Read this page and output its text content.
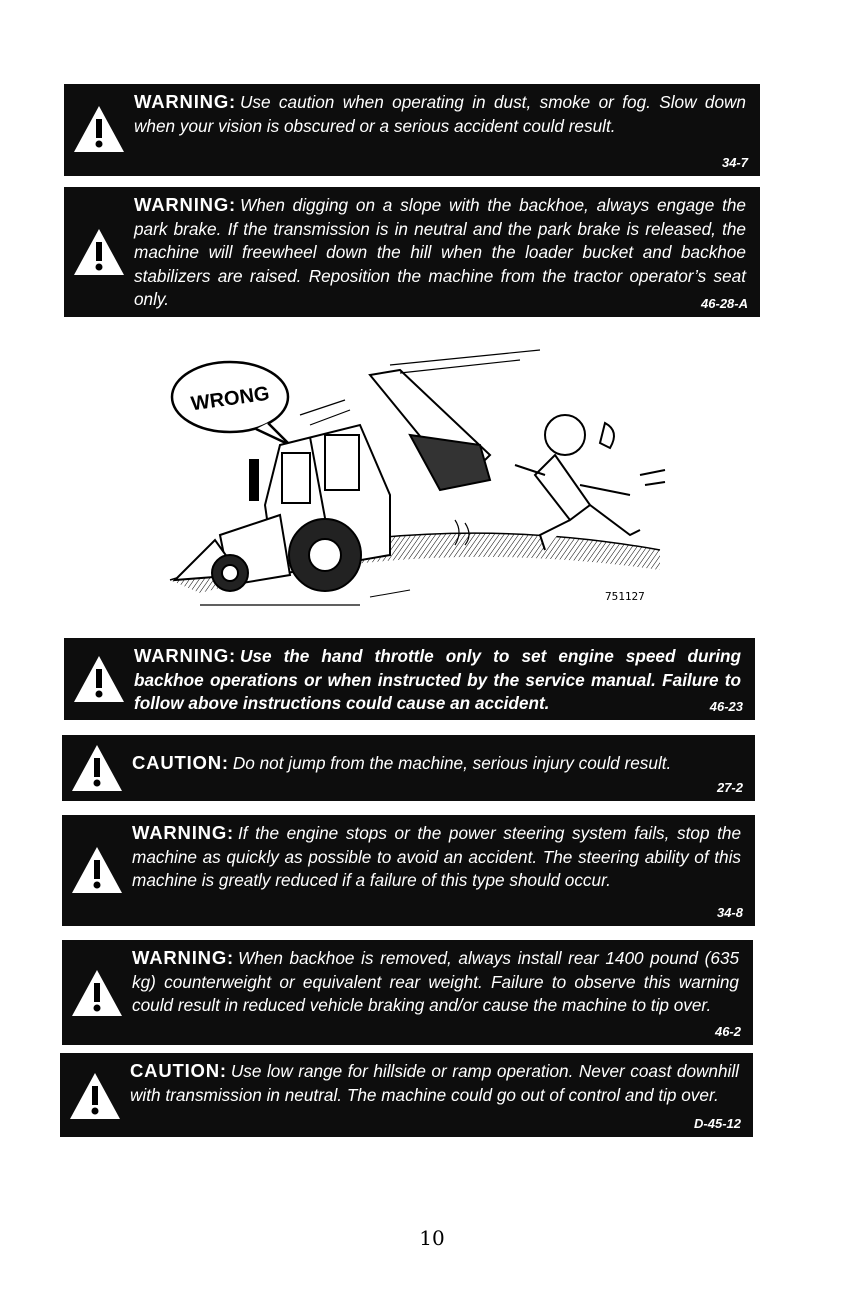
WARNING: Use caution when operating in dust, smoke or fog. Slow down when your vision is obscured or a serious accident could result.

34-7

WARNING: When digging on a slope with the backhoe, always engage the park brake. If the transmission is in neutral and the park brake is released, the machine will freewheel down the hill when the loader bucket and backhoe stabilizers are raised. Reposition the machine from the tractor operator’s seat only.	46-28-A
WRONG
751127

WARNING: Use the hand throttle only to set engine speed during backhoe operations or when instructed by the service manual. Failure to follow above instructions could cause an accident.	46-23

CAUTION: Do not jump from the machine, serious injury could result.

27-2

WARNING: If the engine stops or the power steering system fails, stop the machine as quickly as possible to avoid an accident. The steering ability of this machine is greatly reduced if a failure of this type should occur.

34-8

WARNING: When backhoe is removed, always install rear 1400 pound (635 kg) counterweight or equivalent rear weight. Failure to observe this warning could result in reduced vehicle braking and/or cause the machine to tip over.

46-2

CAUTION: Use low range for hillside or ramp operation. Never coast downhill with transmission in neutral. The machine could go out of control and tip over.

D-45-12
10
